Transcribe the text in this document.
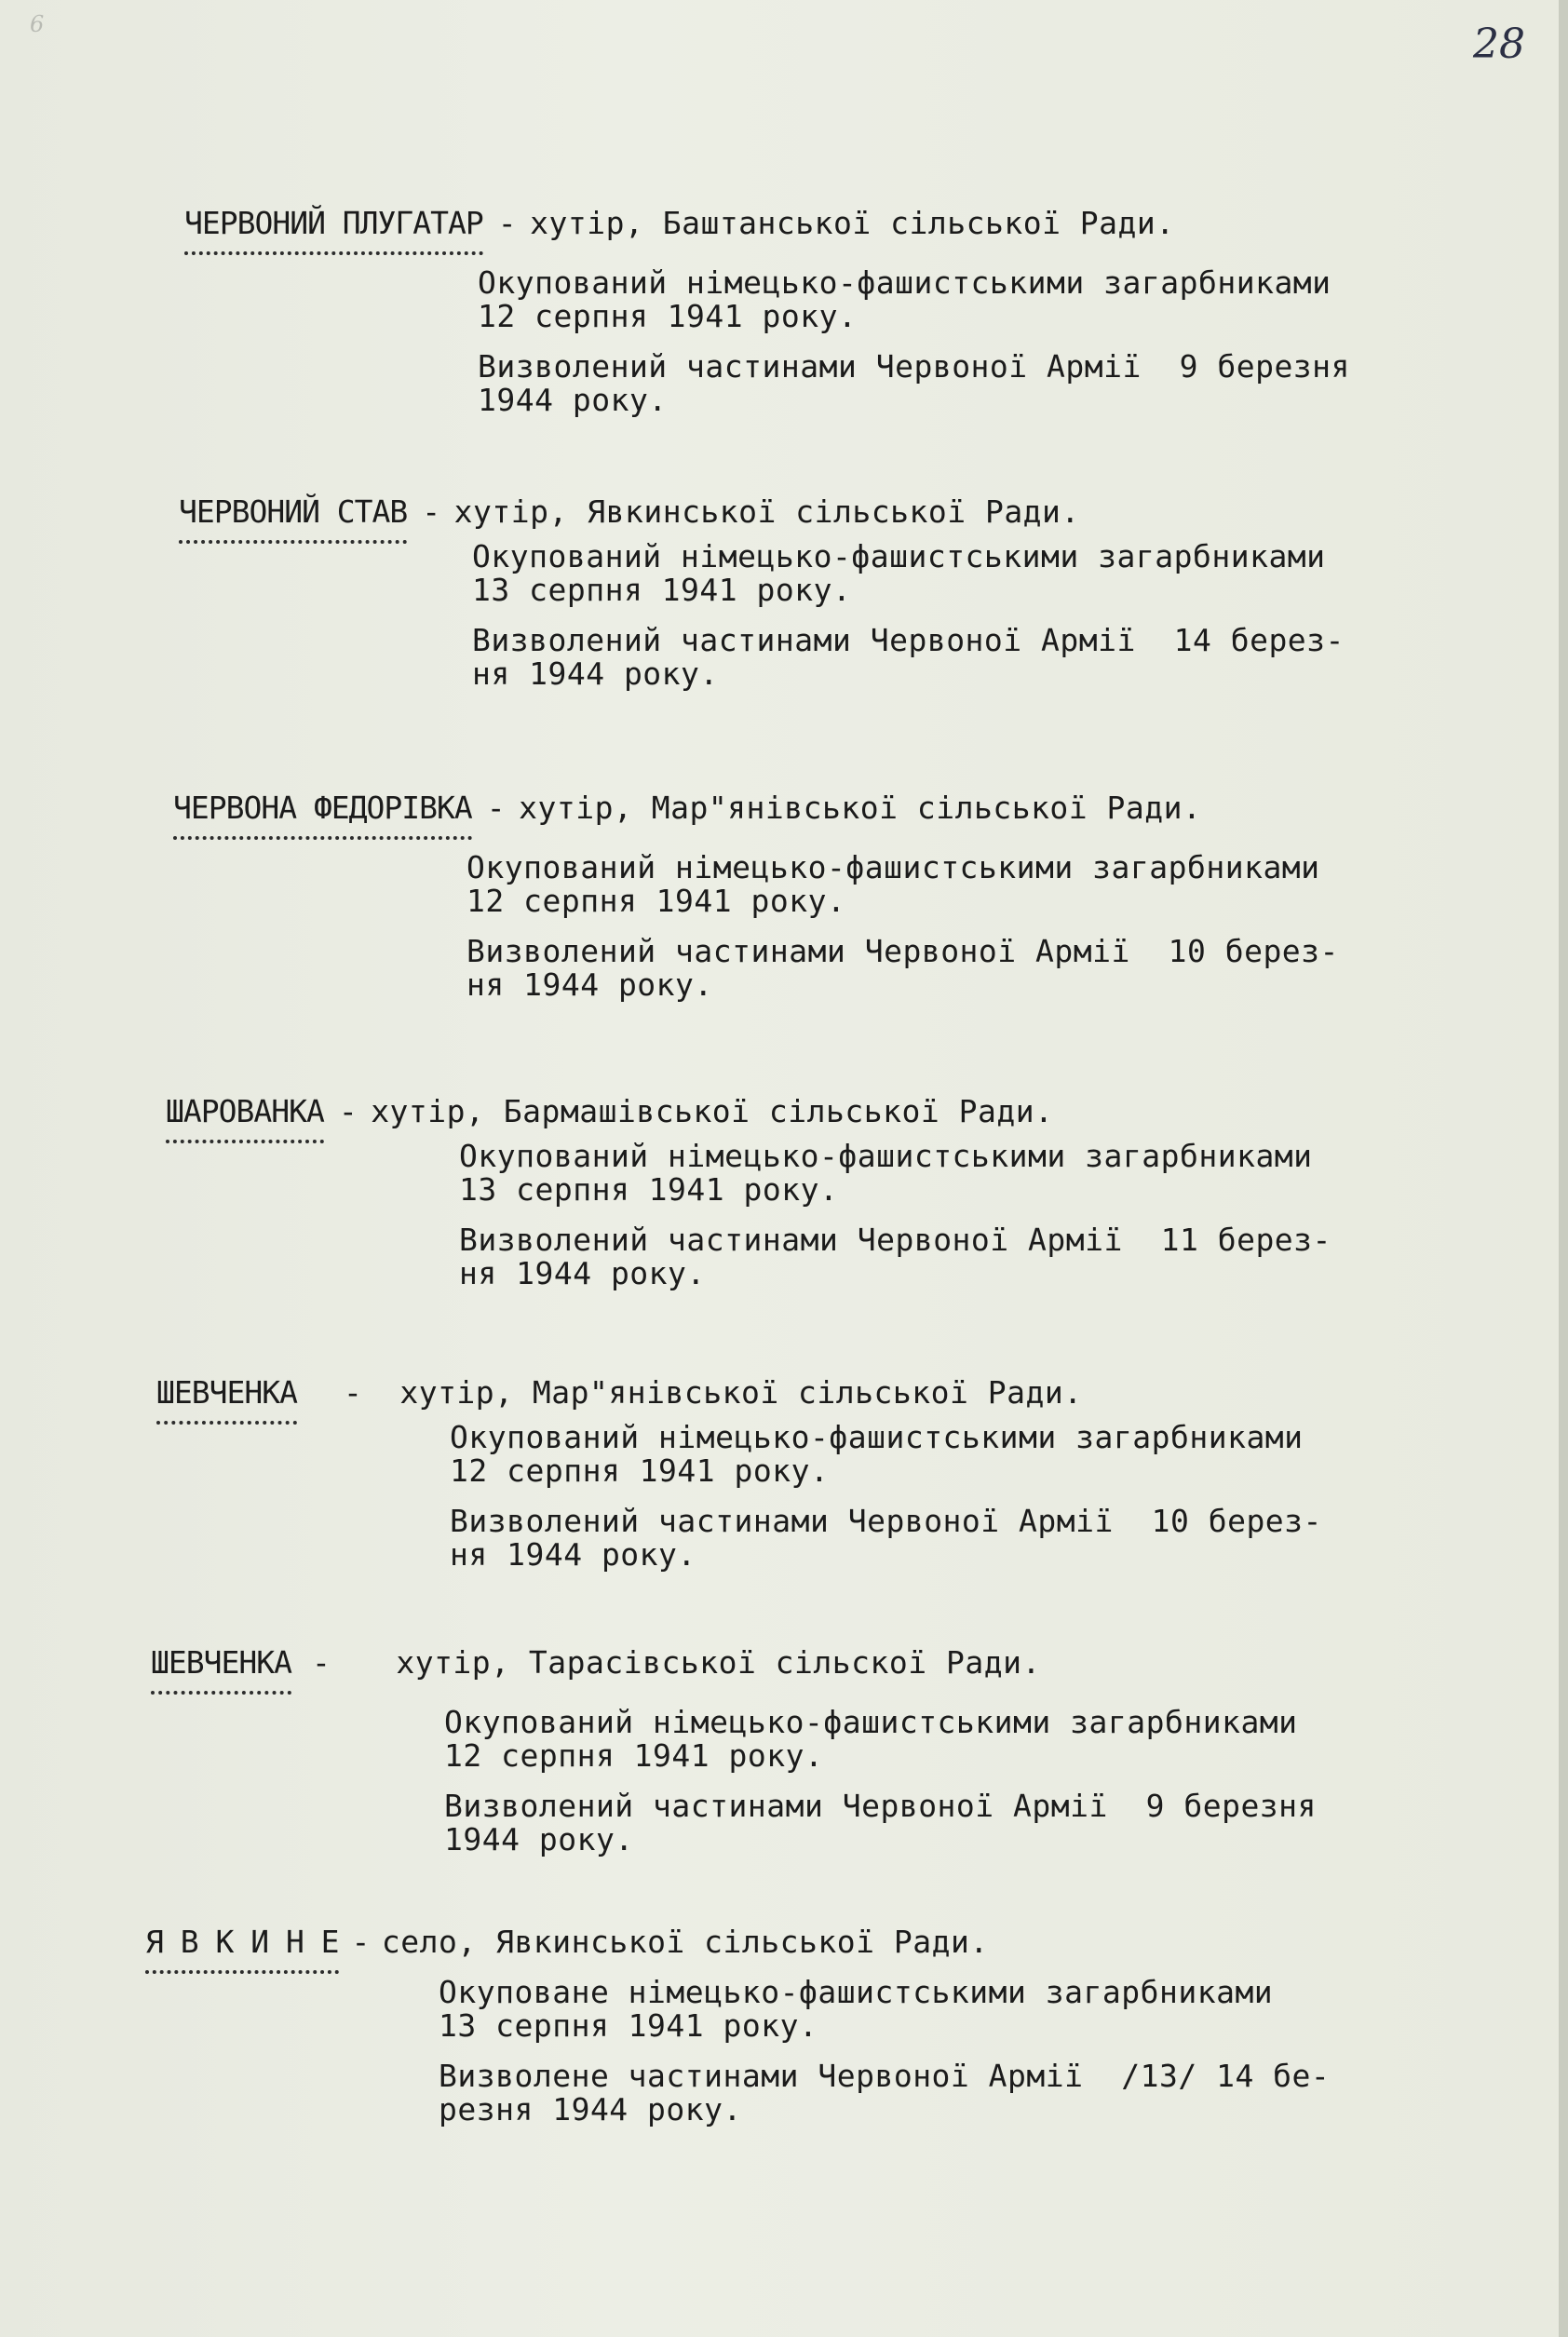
6	28
ЧЕРВОНИЙ ПЛУГАТАР - хутір, Баштанської сільської Ради.
Окупований німецько-фашистськими загарбниками
12 серпня 1941 року.
Визволений частинами Червоної Армії  9 березня
1944 року.
ЧЕРВОНИЙ СТАВ - хутір, Явкинської сільської Ради.
Окупований німецько-фашистськими загарбниками
13 серпня 1941 року.
Визволений частинами Червоної Армії  14 берез-
ня 1944 року.
ЧЕРВОНА ФЕДОРІВКА - хутір, Мар"янівської сільської Ради.
Окупований німецько-фашистськими загарбниками
12 серпня 1941 року.
Визволений частинами Червоної Армії  10 берез-
ня 1944 року.
ШАРОВАНКА - хутір, Бармашівської сільської Ради.
Окупований німецько-фашистськими загарбниками
13 серпня 1941 року.
Визволений частинами Червоної Армії  11 берез-
ня 1944 року.
ШЕВЧЕНКА - хутір, Мар"янівської сільської Ради.
Окупований німецько-фашистськими загарбниками
12 серпня 1941 року.
Визволений частинами Червоної Армії  10 берез-
ня 1944 року.
ШЕВЧЕНКА - хутір, Тарасівської сільскої Ради.
Окупований німецько-фашистськими загарбниками
12 серпня 1941 року.
Визволений частинами Червоної Армії  9 березня
1944 року.
Я В К И Н Е - село, Явкинської сільської Ради.
Окуповане німецько-фашистськими загарбниками
13 серпня 1941 року.
Визволене частинами Червоної Армії  /13/ 14 бе-
резня 1944 року.
